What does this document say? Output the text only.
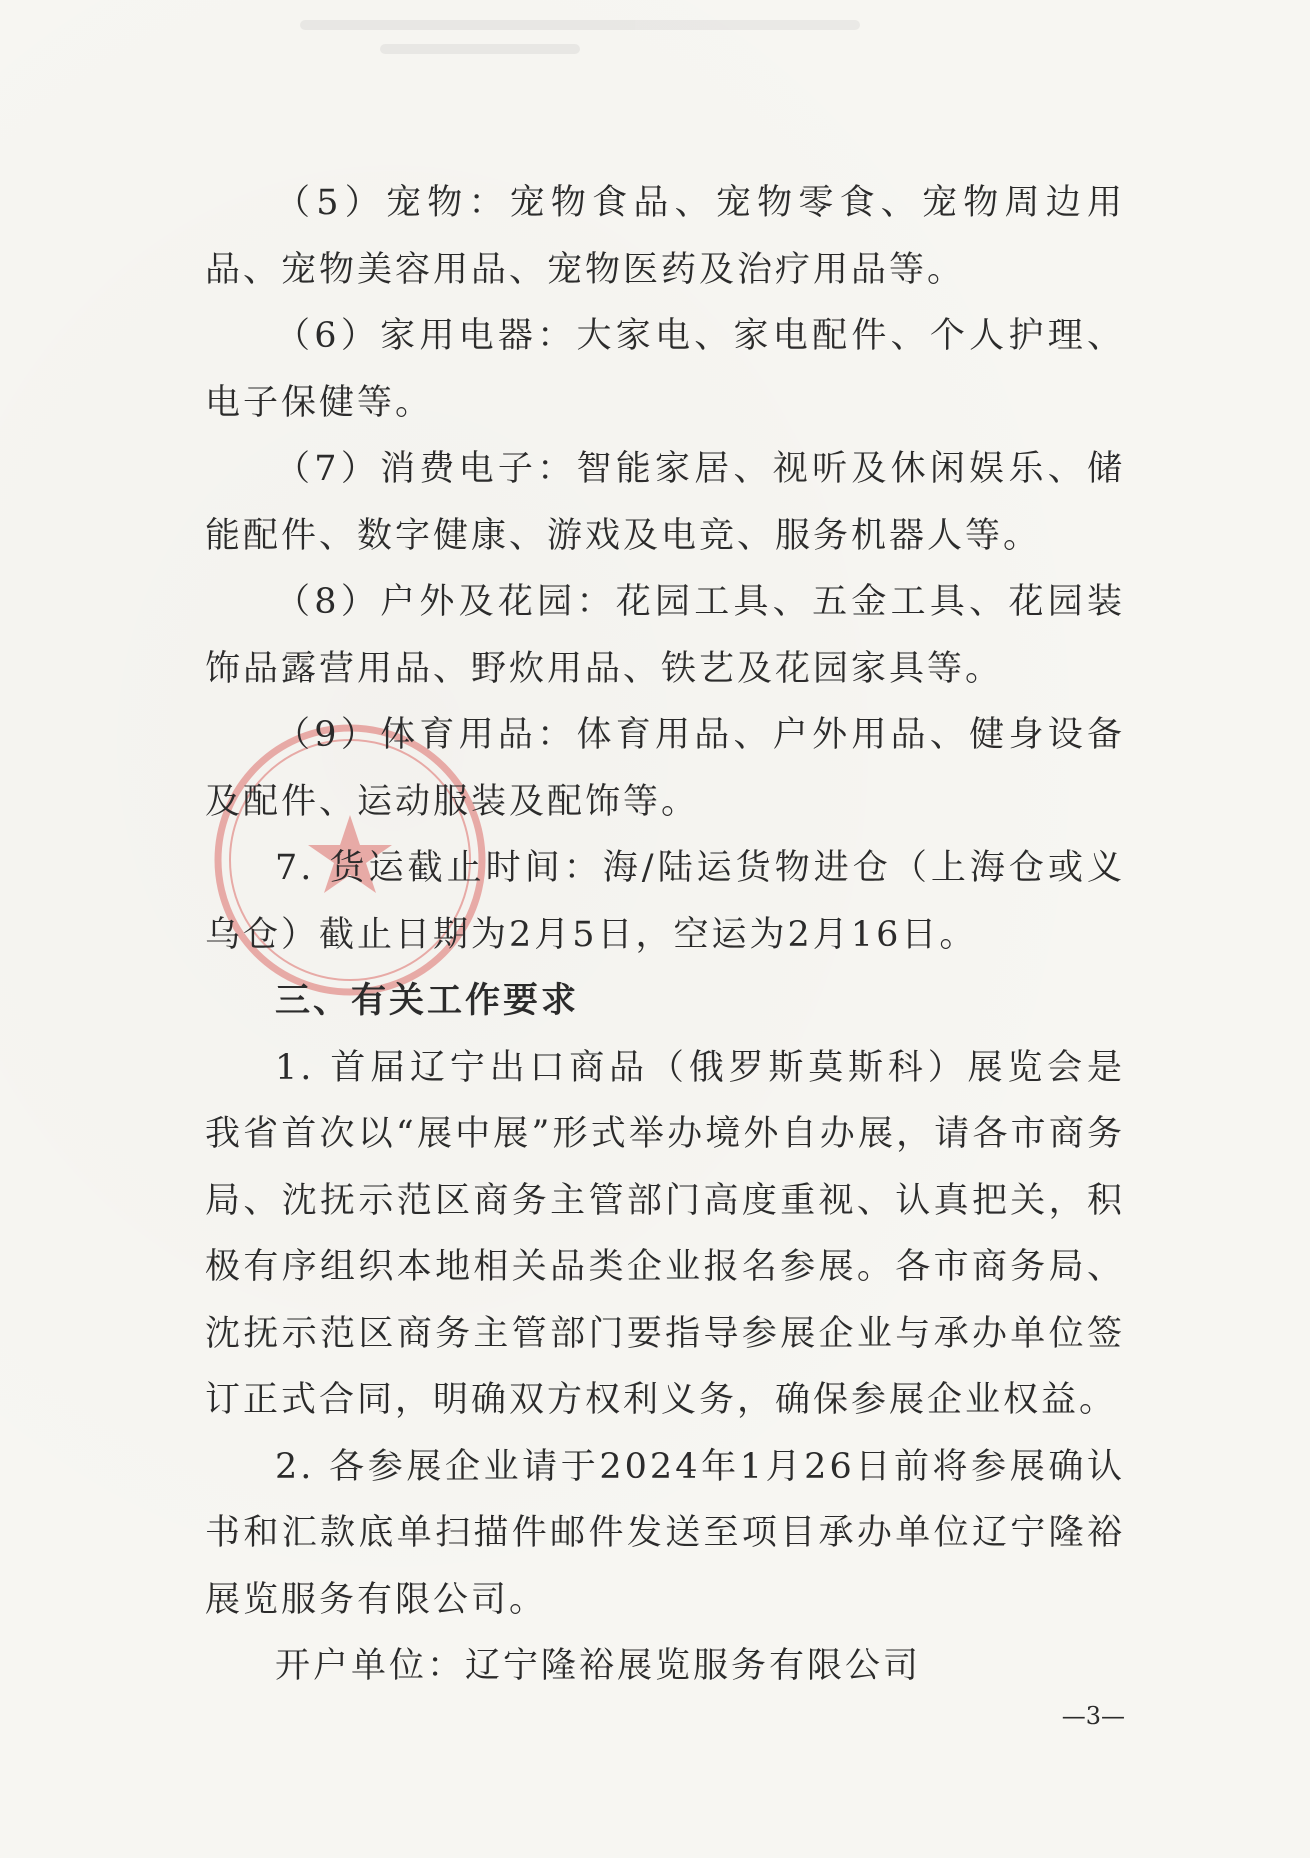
（5）宠物：宠物食品、宠物零食、宠物周边用品、宠物美容用品、宠物医药及治疗用品等。

（6）家用电器：大家电、家电配件、个人护理、电子保健等。

（7）消费电子：智能家居、视听及休闲娱乐、储能配件、数字健康、游戏及电竞、服务机器人等。

（8）户外及花园：花园工具、五金工具、花园装饰品露营用品、野炊用品、铁艺及花园家具等。

（9）体育用品：体育用品、户外用品、健身设备及配件、运动服装及配饰等。

7. 货运截止时间：海/陆运货物进仓（上海仓或义乌仓）截止日期为2月5日，空运为2月16日。

三、有关工作要求

1. 首届辽宁出口商品（俄罗斯莫斯科）展览会是我省首次以“展中展”形式举办境外自办展，请各市商务局、沈抚示范区商务主管部门高度重视、认真把关，积极有序组织本地相关品类企业报名参展。各市商务局、沈抚示范区商务主管部门要指导参展企业与承办单位签订正式合同，明确双方权利义务，确保参展企业权益。

2. 各参展企业请于2024年1月26日前将参展确认书和汇款底单扫描件邮件发送至项目承办单位辽宁隆裕展览服务有限公司。

开户单位：辽宁隆裕展览服务有限公司

—3—
